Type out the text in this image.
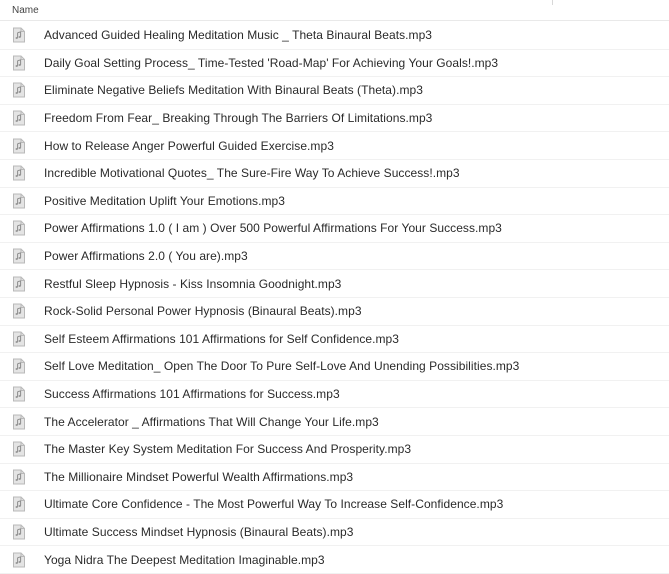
Name
Advanced Guided Healing Meditation Music _ Theta Binaural Beats.mp3
Daily Goal Setting Process_ Time-Tested 'Road-Map' For Achieving Your Goals!.mp3
Eliminate Negative Beliefs Meditation With Binaural Beats (Theta).mp3
Freedom From Fear_ Breaking Through The Barriers Of Limitations.mp3
How to Release Anger Powerful Guided Exercise.mp3
Incredible Motivational Quotes_ The Sure-Fire Way To Achieve Success!.mp3
Positive Meditation Uplift Your Emotions.mp3
Power Affirmations 1.0 ( I am ) Over 500 Powerful Affirmations For Your Success.mp3
Power Affirmations 2.0 ( You are).mp3
Restful Sleep Hypnosis - Kiss Insomnia Goodnight.mp3
Rock-Solid Personal Power Hypnosis (Binaural Beats).mp3
Self Esteem Affirmations 101 Affirmations for Self Confidence.mp3
Self Love Meditation_ Open The Door To Pure Self-Love And Unending Possibilities.mp3
Success Affirmations 101 Affirmations for Success.mp3
The Accelerator _ Affirmations That Will Change Your Life.mp3
The Master Key System Meditation For Success And Prosperity.mp3
The Millionaire Mindset Powerful Wealth Affirmations.mp3
Ultimate Core Confidence - The Most Powerful Way To Increase Self-Confidence.mp3
Ultimate Success Mindset Hypnosis (Binaural Beats).mp3
Yoga Nidra The Deepest Meditation Imaginable.mp3
